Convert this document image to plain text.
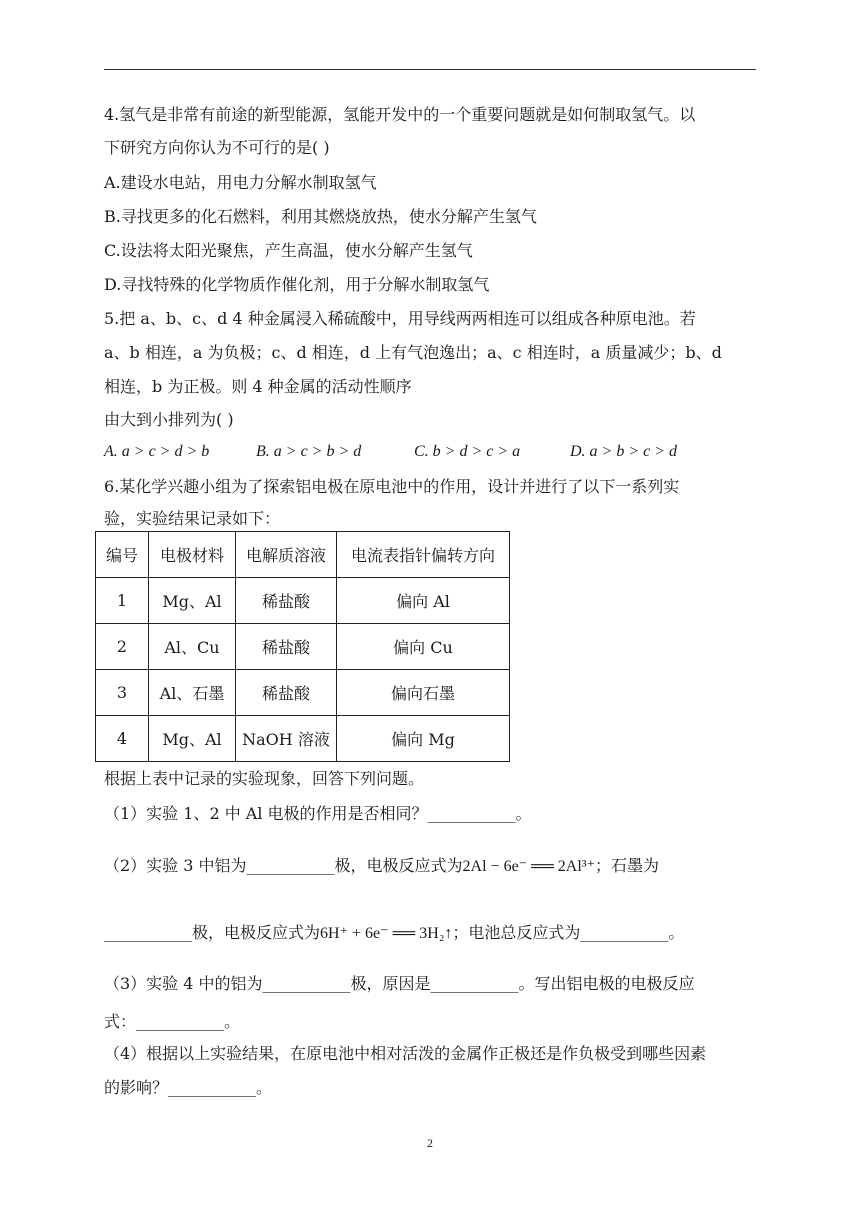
4.氢气是非常有前途的新型能源，氢能开发中的一个重要问题就是如何制取氢气。以
下研究方向你认为不可行的是( )
A.建设水电站，用电力分解水制取氢气
B.寻找更多的化石燃料，利用其燃烧放热，使水分解产生氢气
C.设法将太阳光聚焦，产生高温，使水分解产生氢气
D.寻找特殊的化学物质作催化剂，用于分解水制取氢气
5.把 a、b、c、d 4 种金属浸入稀硫酸中，用导线两两相连可以组成各种原电池。若
a、b 相连，a 为负极；c、d 相连，d 上有气泡逸出；a、c 相连时，a 质量减少；b、d
相连，b 为正极。则 4 种金属的活动性顺序
由大到小排列为( )
A. a > c > d > b	B. a > c > b > d	C. b > d > c > a	D. a > b > c > d
6.某化学兴趣小组为了探索铝电极在原电池中的作用，设计并进行了以下一系列实
验，实验结果记录如下：
编号	电极材料	电解质溶液	电流表指针偏转方向
1	Mg、Al	稀盐酸	偏向 Al
2	Al、Cu	稀盐酸	偏向 Cu
3	Al、石墨	稀盐酸	偏向石墨
4	Mg、Al	NaOH 溶液	偏向 Mg
根据上表中记录的实验现象，回答下列问题。
（1）实验 1、2 中 Al 电极的作用是否相同？___________。
（2）实验 3 中铝为___________极，电极反应式为2Al − 6e⁻ ══ 2Al³⁺；石墨为
___________极，电极反应式为6H⁺ + 6e⁻ ══ 3H₂↑；电池总反应式为___________。
（3）实验 4 中的铝为___________极，原因是___________。写出铝电极的电极反应
式：___________。
（4）根据以上实验结果，在原电池中相对活泼的金属作正极还是作负极受到哪些因素
的影响？___________。
2
